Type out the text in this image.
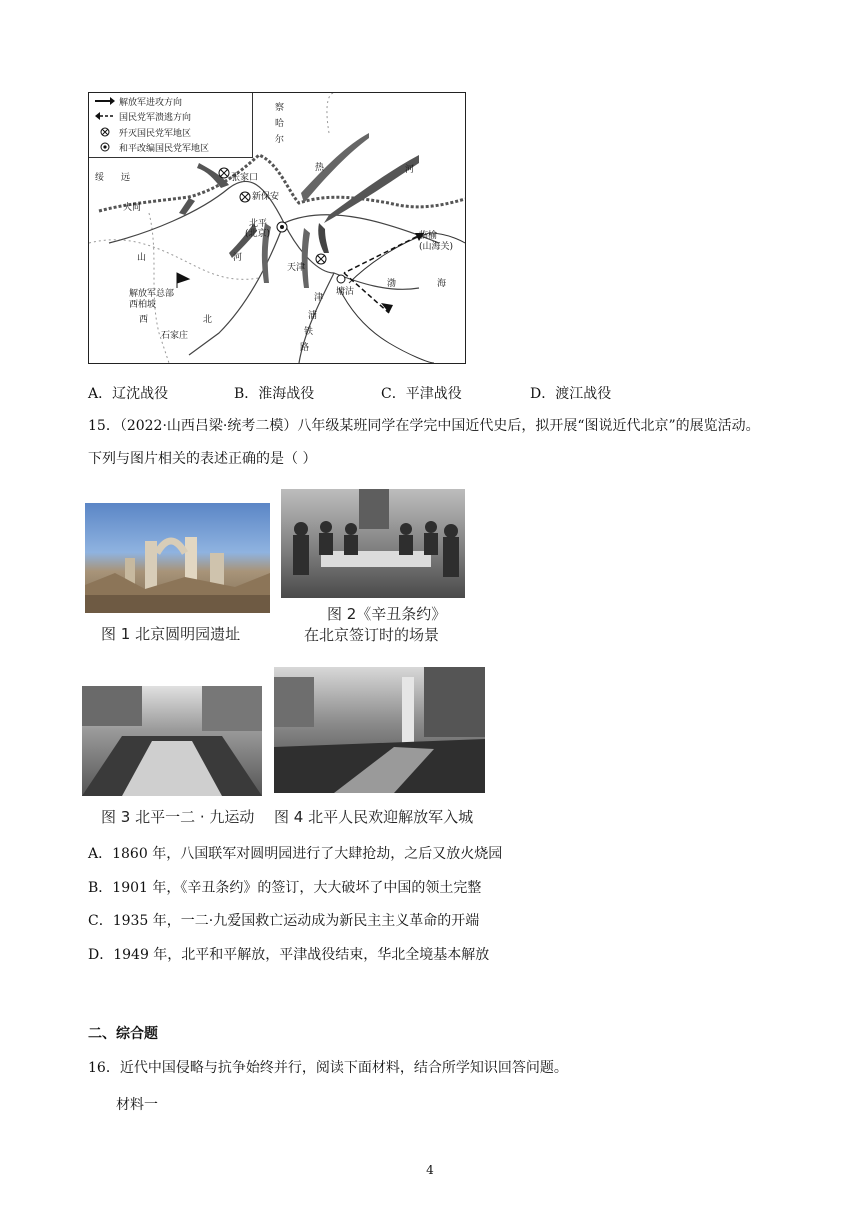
解放军进攻方向
国民党军溃逃方向
歼灭国民党军地区
和平改编国民党军地区
察
哈
尔
热	河
绥 远	张家口
新保安
大同
北平
(北京)	临榆
(山海关)
山	河
天津
塘沽
津
渤	海
解放军总部
西柏坡
西	北
石家庄
浦
铁
路
A．辽沈战役	B．淮海战役	C．平津战役	D．渡江战役
15．（2022·山西吕梁·统考二模）八年级某班同学在学完中国近代史后，拟开展“图说近代北京”的展览活动。
下列与图片相关的表述正确的是（ ）
图 1 北京圆明园遗址
图 2《辛丑条约》
在北京签订时的场景
图 3 北平一二 · 九运动 图 4 北平人民欢迎解放军入城
A．1860 年，八国联军对圆明园进行了大肆抢劫，之后又放火烧园
B．1901 年，《辛丑条约》的签订，大大破坏了中国的领土完整
C．1935 年，一二·九爱国救亡运动成为新民主主义革命的开端
D．1949 年，北平和平解放，平津战役结束，华北全境基本解放
二、综合题
16．近代中国侵略与抗争始终并行，阅读下面材料，结合所学知识回答问题。
材料一
4
